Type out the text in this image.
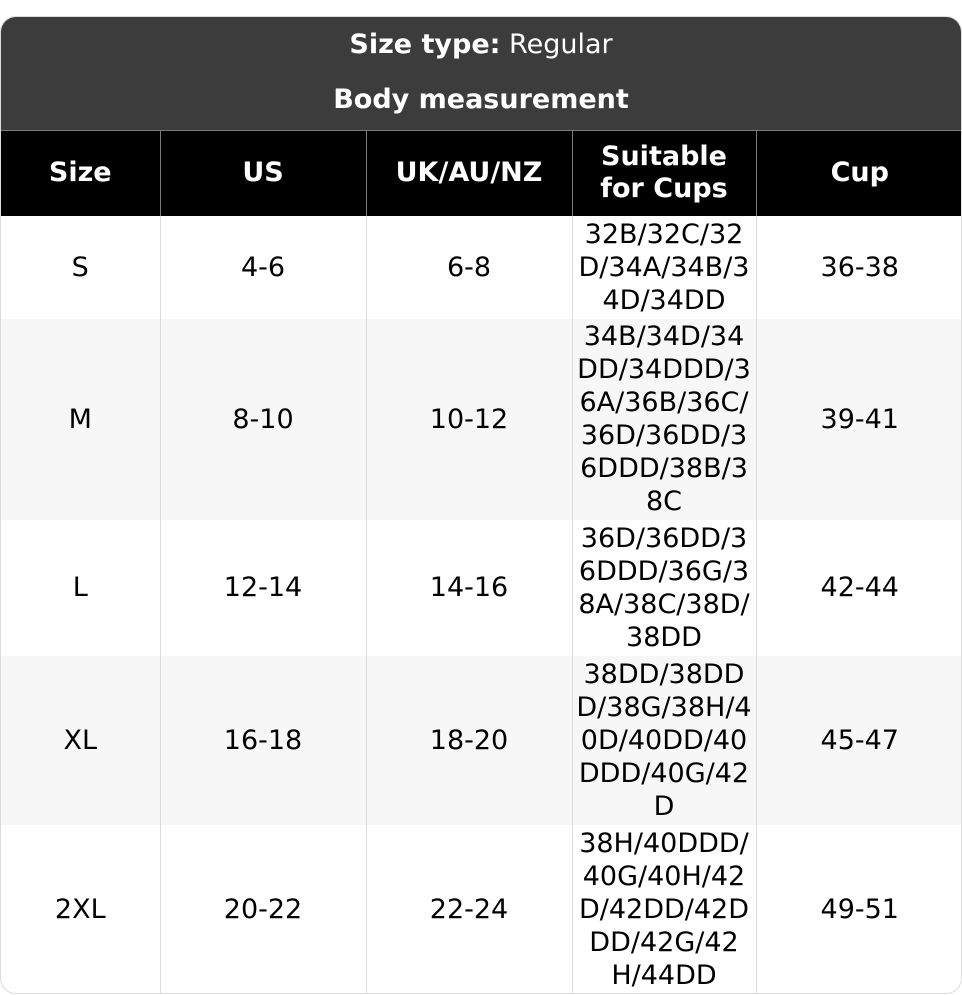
Size type: Regular
Body measurement
Size	US	UK/AU/NZ	Suitable for Cups	Cup
S	4-6	6-8	32B/32C/32D/34A/34B/34D/34DD	36-38
M	8-10	10-12	34B/34D/34DD/34DDD/36A/36B/36C/36D/36DD/36DDD/38B/38C	39-41
L	12-14	14-16	36D/36DD/36DDD/36G/38A/38C/38D/38DD	42-44
XL	16-18	18-20	38DD/38DDD/38G/38H/40D/40DD/40DDD/40G/42D	45-47
2XL	20-22	22-24	38H/40DDD/40G/40H/42D/42DD/42DDD/42G/42H/44DD	49-51
